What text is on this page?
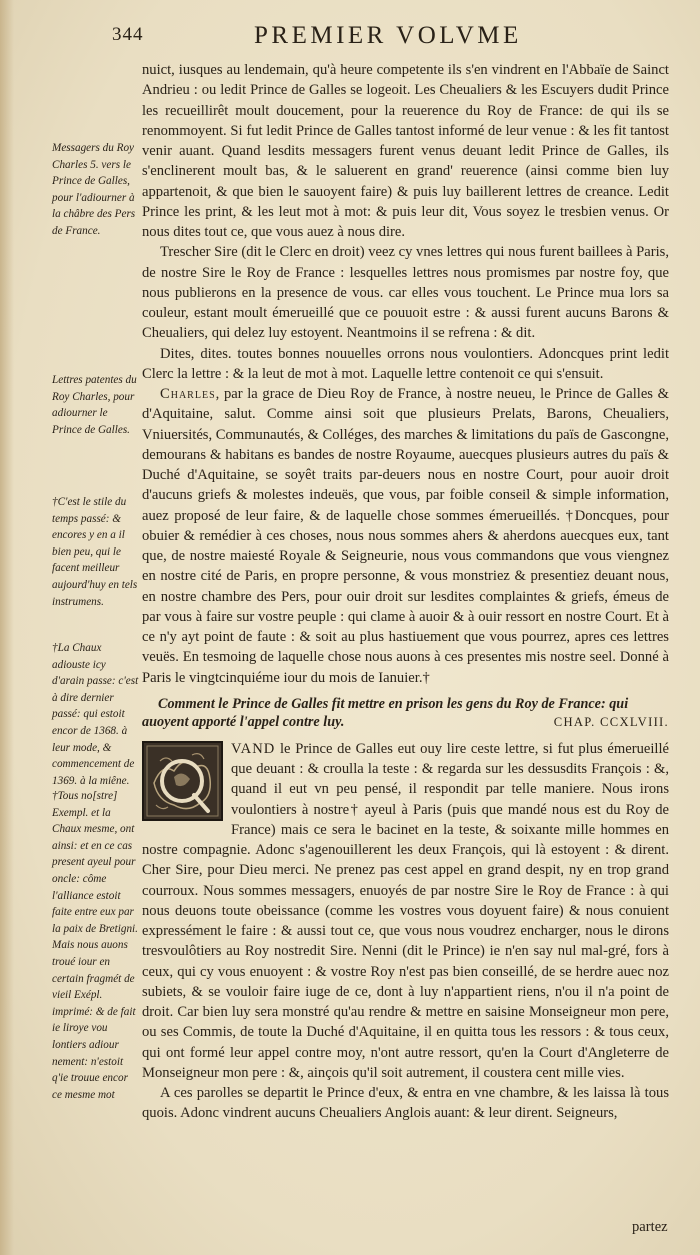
344	PREMIER VOLVME
Messagers du Roy Charles 5. vers le Prince de Galles, pour l'adiourner à la châbre des Pers de France.
Lettres patentes du Roy Charles, pour adiourner le Prince de Galles.
†C'est le stile du temps passé: & encores y en a il bien peu, qui le facent meilleur aujourd'huy en tels instrumens.
†La Chaux adiouste icy d'arain passe: c'est à dire dernier passé: qui estoit encor de 1368. à leur mode, & commencement de 1369. à la miêne.
†Tous no[stre] Exempl. et la Chaux mesme, ont ainsi: et en ce cas present ayeul pour oncle: côme l'alliance estoit faite entre eux par la paix de Bretigni. Mais nous auons troué iour en certain fragmét de vieil Exépl. imprimé: & de fait ie liroye vou lontiers adiour nement: n'estoit q'ie trouue encor ce mesme mot

nuict, iusques au lendemain, qu'à heure competente ils s'en vindrent en l'Abbaïe de Sainct Andrieu : ou ledit Prince de Galles se logeoit. Les Cheualiers & les Escuyers dudit Prince les recueillirêt moult doucement, pour la reuerence du Roy de France: de qui ils se renommoyent. Si fut ledit Prince de Galles tantost informé de leur venue : & les fit tantost venir auant. Quand lesdits messagers furent venus deuant ledit Prince de Galles, ils s'enclinerent moult bas, & le saluerent en grand' reuerence (ainsi comme bien luy appartenoit, & que bien le sauoyent faire) & puis luy baillerent lettres de creance. Ledit Prince les print, & les leut mot à mot: & puis leur dit, Vous soyez le tresbien venus. Or nous dites tout ce, que vous auez à nous dire.

Trescher Sire (dit le Clerc en droit) veez cy vnes lettres qui nous furent baillees à Paris, de nostre Sire le Roy de France : lesquelles lettres nous promismes par nostre foy, que nous publierons en la presence de vous. car elles vous touchent. Le Prince mua lors sa couleur, estant moult émerueillé que ce pouuoit estre : & aussi furent aucuns Barons & Cheualiers, qui delez luy estoyent. Neantmoins il se refrena : & dit.

Dites, dites. toutes bonnes nouuelles orrons nous voulontiers. Adoncques print ledit Clerc la lettre : & la leut de mot à mot. Laquelle lettre contenoit ce qui s'ensuit.

Charles, par la grace de Dieu Roy de France, à nostre neueu, le Prince de Galles & d'Aquitaine, salut. Comme ainsi soit que plusieurs Prelats, Barons, Cheualiers, Vniuersités, Communautés, & Colléges, des marches & limitations du païs de Gascongne, demourans & habitans es bandes de nostre Royaume, auecques plusieurs autres du païs & Duché d'Aquitaine, se soyêt traits par-deuers nous en nostre Court, pour auoir droit d'aucuns griefs & molestes indeuës, que vous, par foible conseil & simple information, auez proposé de leur faire, & de laquelle chose sommes émerueillés. †Doncques, pour obuier & remédier à ces choses, nous nous sommes ahers & aherdons auecques eux, tant que, de nostre maiesté Royale & Seigneurie, nous vous commandons que vous viengnez en nostre cité de Paris, en propre personne, & vous monstriez & presentiez deuant nous, en nostre chambre des Pers, pour ouir droit sur lesdites complaintes & griefs, émeus de par vous à faire sur vostre peuple : qui clame à auoir & à ouir ressort en nostre Court. Et à ce n'y ayt point de faute : & soit au plus hastiuement que vous pourrez, apres ces lettres veuës. En tesmoing de laquelle chose nous auons à ces presentes mis nostre seel. Donné à Paris le vingtcinquiéme iour du mois de Ianuier.†

Comment le Prince de Galles fit mettre en prison les gens du Roy de France: qui auoyent apporté l'appel contre luy.	CHAP. CCXLVIII.

VAND le Prince de Galles eut ouy lire ceste lettre, si fut plus émerueillé que deuant : & croulla la teste : & regarda sur les dessusdits François : &, quand il eut vn peu pensé, il respondit par telle maniere. Nous irons voulontiers à nostre† ayeul à Paris (puis que mandé nous est du Roy de France) mais ce sera le bacinet en la teste, & soixante mille hommes en nostre compagnie. Adonc s'agenouillerent les deux François, qui là estoyent : & dirent. Cher Sire, pour Dieu merci. Ne prenez pas cest appel en grand despit, ny en trop grand courroux. Nous sommes messagers, enuoyés de par nostre Sire le Roy de France : à qui nous deuons toute obeissance (comme les vostres vous doyuent faire) & nous conuient expressément le faire : & aussi tout ce, que vous nous voudrez encharger, nous le dirons tresvoulôtiers au Roy nostredit Sire. Nenni (dit le Prince) ie n'en say nul mal-gré, fors à ceux, qui cy vous enuoyent : & vostre Roy n'est pas bien conseillé, de se herdre auec noz subiets, & se vouloir faire iuge de ce, dont à luy n'appartient riens, n'ou il n'a point de droit. Car bien luy sera monstré qu'au rendre & mettre en saisine Monseigneur mon pere, ou ses Commis, de toute la Duché d'Aquitaine, il en quitta tous les ressors : & tous ceux, qui ont formé leur appel contre moy, n'ont autre ressort, qu'en la Court d'Angleterre de Monseigneur mon pere : &, ainçois qu'il soit autrement, il coustera cent mille vies.

A ces parolles se departit le Prince d'eux, & entra en vne chambre, & les laissa là tous quois. Adonc vindrent aucuns Cheualiers Anglois auant: & leur dirent. Seigneurs,

partez
